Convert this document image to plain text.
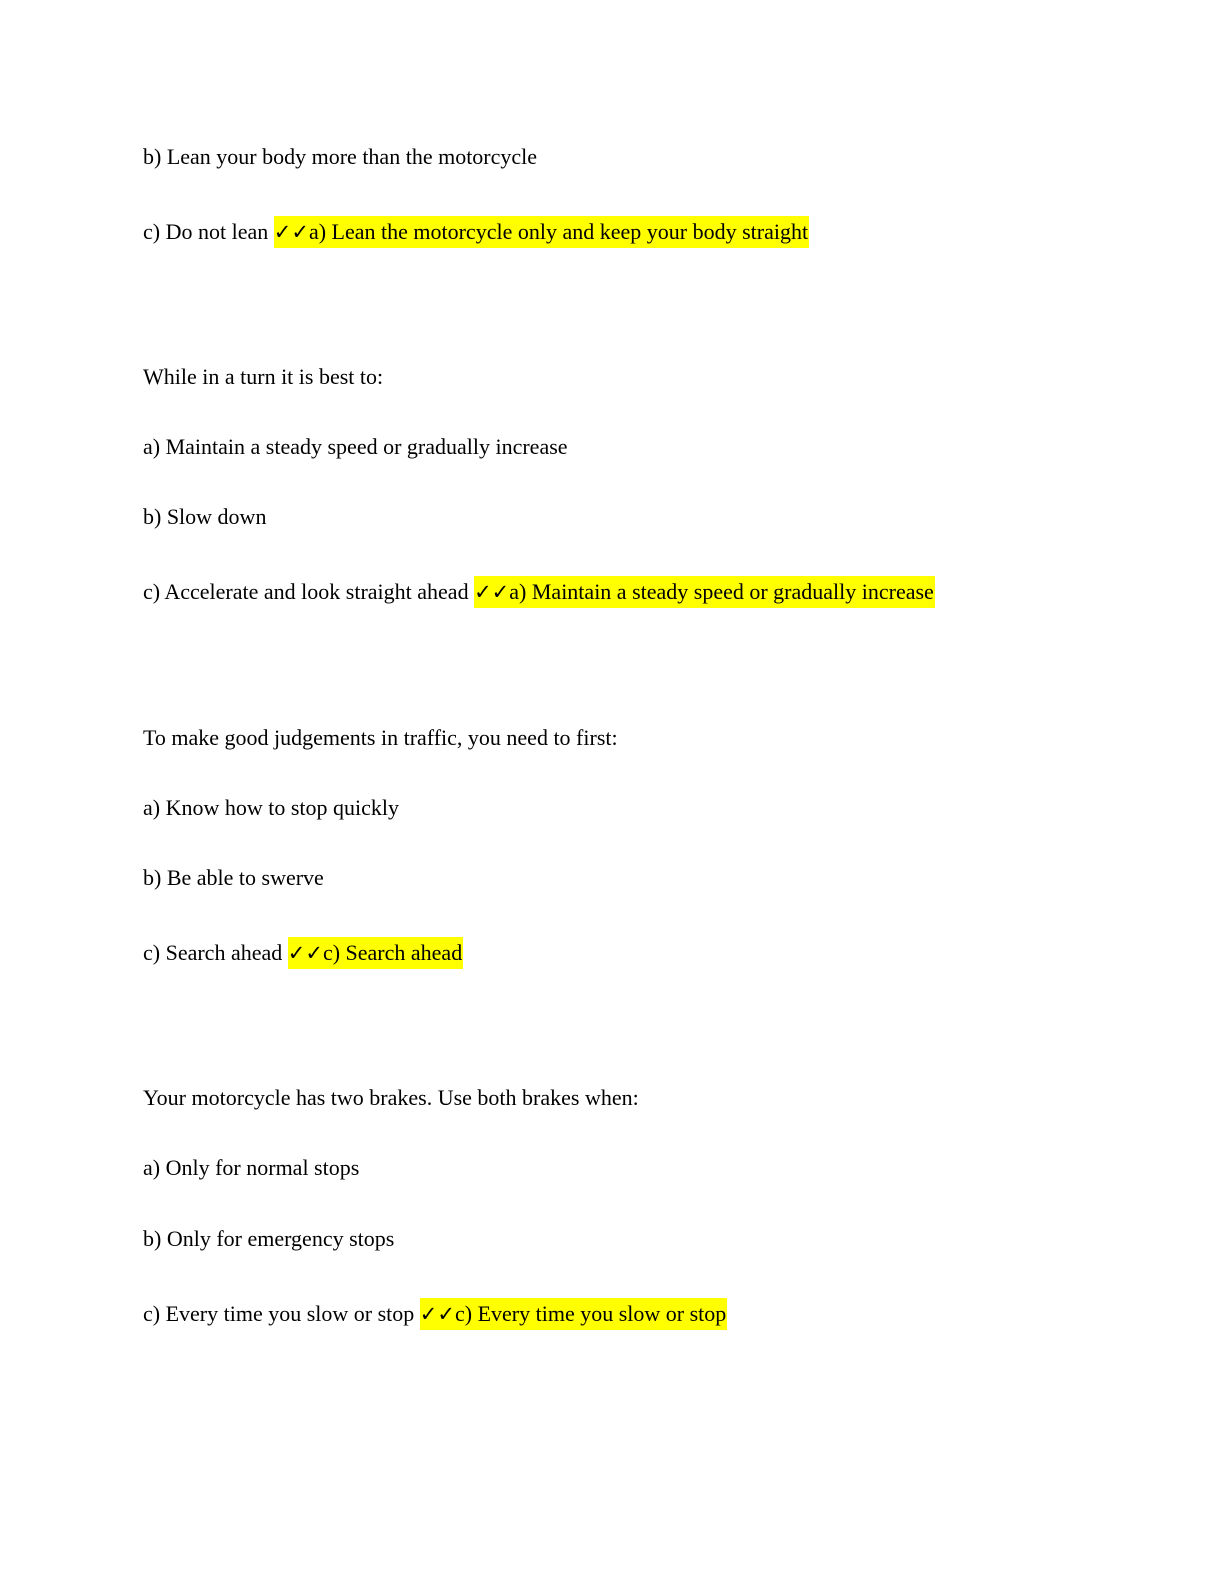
b) Lean your body more than the motorcycle
c) Do not lean ✓✓a) Lean the motorcycle only and keep your body straight
While in a turn it is best to:
a) Maintain a steady speed or gradually increase
b) Slow down
c) Accelerate and look straight ahead ✓✓a) Maintain a steady speed or gradually increase
To make good judgements in traffic, you need to first:
a) Know how to stop quickly
b) Be able to swerve
c) Search ahead ✓✓c) Search ahead
Your motorcycle has two brakes. Use both brakes when:
a) Only for normal stops
b) Only for emergency stops
c) Every time you slow or stop ✓✓c) Every time you slow or stop
